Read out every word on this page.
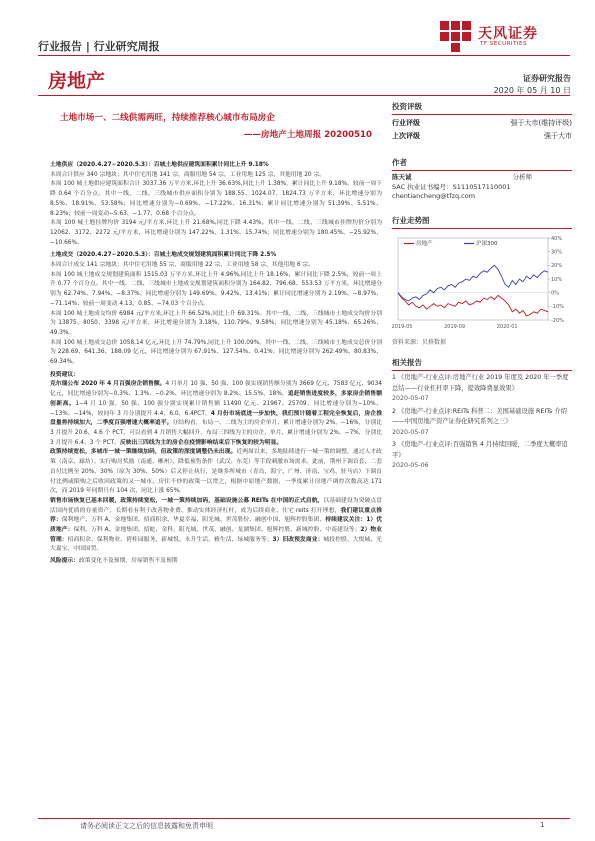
行业报告 | 行业研究周报
天风证券
TF SECURITIES
房地产	证券研究报告
2020 年 05 月 10 日
土地市场一、二线供需两旺，持续推荐核心城市布局房企
——房地产土地周报 20200510
投资评级
行业评级	强于大市(维持评级)
上次评级	强于大市
作者
陈天诚	分析师
SAC 执业证书编号：S1110517110001
chentiancheng@tfzq.com
行业走势图
40%
30%
20%
10%
0%
-10%
-20%
2019-05	2019-09	2020-01
房地产	沪深300
资料来源：贝格数据
相关报告
1 《房地产-行业点评:房地产行业 2019 年度及 2020 年一季度总结——行业杠杆率下降，提效降费显效果》
2020-05-07
2 《房地产-行业点评:REITs 科普二：美国基础设施 REITs 介绍——中国房地产资产证券化研究系列之三》
2020-05-07
3 《房地产-行业点评:百强销售 4 月持续回暖，二季度大概率追平》
2020-05-06

土地供应（2020.4.27−2020.5.3）：百城土地供应建筑面积累计同比上升 9.18%

本周合计供应 340 宗地块；其中住宅用地 141 宗，商服用地 54 宗，工业用地 125 宗，其他用地 20 宗。

本周 100 城土地供应建筑面积合计 3037.36 万平方米,环比上升 36.63%,同比上升 1.38%，累计同比上升 9.18%。较前一周下降 0.64 个百分点。其中一线、二线、三线城市供应面积分别为 188.55、1024.07、1824.73 万平方米，环比增速分别为 8.5%、18.91%、53.58%；同比增速分别为−0.69%、−17.22%、16.31%；累计同比增速分别为 51.39%、5.51%、8.23%；较前一周变动−5.63、−1.77、0.68 个百分点。

本周 100 城土地挂牌均价 3194 元/平方米,环比上升 21.68%,同比下降 4.43%。其中一线、二线、三线城市挂牌均价分别为 12062、3172、2272 元/平方米，环比增速分别为 147.22%、1.31%、15.74%；同比增速分别为 180.45%、−25.92%、−10.66%。

土地成交（2020.4.27−2020.5.3）：百城土地成交规划建筑面积累计同比下降 2.5%

本周合计成交 141 宗地块；其中住宅用地 55 宗，商服用地 22 宗，工业用地 58 宗，其他用地 6 宗。

本周 100 城土地成交规划建筑面积 1515.03 万平方米,环比上升 4.96%,同比上升 18.16%，累计同比下降 2.5%，较前一周上升 0.77 个百分点。其中一线、二线、三线城市土地成交规划建筑面积分别为 164.82、796.68、553.53 万平方米，环比增速分别为 62.74%、7.94%、−8.37%；同比增速分别为 149.69%、9.42%、13.41%；累计同比增速分别为 2.19%、−8.97%、−71.14%；较前一周变动 4.13、0.85、−74.03 个百分点。

本周 100 城土地成交均价 6984 元/平方米,环比上升 66.52%,同比上升 69.31%。其中一线、二线、三线城市土地成交均价分别为 13875、8050、3398 元/平方米，环比增速分别为 3.18%、110.79%、9.58%；同比增速分别为 45.18%、65.26%、49.3%。

本周 100 城土地成交总价 1058.14 亿元,环比上升 74.79%,同比上升 100.09%。其中一线、二线、三线城市土地成交总价分别为 228.69、641.36、188.09 亿元，环比增速分别为 67.91%、127.54%、0.41%；同比增速分别为 262.49%、80.83%、69.34%。

投资建议：

克尔瑞公布 2020 年 4 月百强房企销售额。4 月单月 10 强、50 强、100 强实现销售额分别为 3669 亿元、7583 亿元、9034 亿元，同比增速分别为−0.3%、1.3%、−0.2%，环比增速分别为 8.2%、15.5%、18%，追赶销售进度较多，多家房企销售额创新高。1−4 月 10 强、50 强、100 强分别实现累计销售额 11490 亿元、21967、25709，同比增速分别为−10%、−13%、−14%，较同年 3 月分别提升 4.4、6.0、6.4PCT，4 月份市场底进一步加快，我们预计随着工程完全恢复后，房企推盘量将持续加大，二季度百强增速大概率追平。分结构看，布局一、二线为主的房企单月、累计增速分别为 2%、−16%，分别比 3 月提升 20.6、4.6 个 PCT，可以看到 4 月销售大幅回升，布局三四线为主的房企，单月、累计增速分别为 2%、−7%，分别比 3 月提升 6.4、3 个 PCT，反映出三四线为主的房企在疫情影响结束后下恢复的较为明显。

政策持续宽松，多城市一城一策继续加码，但政策的深度调整仍未出现。近两周以来，多地陆续进行一城一策的调整，通过人才政策（南京、廊坊）、实行购房奖励（南通、郴州）、降低预售条件（武汉、东莞）等手段刺激市场需求。此前，荆州下调首套、二套首付比例至 20%、30%（原为 30%、50%）后又停止执行，是继多所城市（青岛、海宁、广州、济南、宝鸡、驻马店）下调首付比例或限购之后收回政策的又一城市。房住不炒的政策一以贯之，根据中原地产数据，一季度累计房地产调控次数高达 171 次，而 2019 年同期只有 104 次，同比上涨 65%。

销售市场恢复已基本回暖，政策持续宽松，一城一策持续加码，基础设施公募 REITs 在中国的正式启航，以基础建设为突破点盘活国内优质的存量资产，长期看有利于改善物业费、推动实体经济杠杆，成为后续商业、住宅 reits 打开理想，我们建议重点推荐：保利地产、万科 A、金地集团、招商积余、华夏幸福、阳光城、世茂股份、融创中国、旭辉控股集团，持续建议关注：1）优质地产：保利、万科 A、金地集团、招蛇、金科、阳光城、世茂、融创、龙湖集团、旭辉控股、新城控股、中南建设等；2）物业管理：招商积余、保利物业、碧桂园服务、新城悦、永升生活、雅生活、绿城服务等；3）旧改预发商业：城投控股、大悦城、光大嘉宝、中国国贸。

风险提示：政策变化不及预期，房屋销售不及预期

请务必阅读正文之后的信息披露和免责申明	1
